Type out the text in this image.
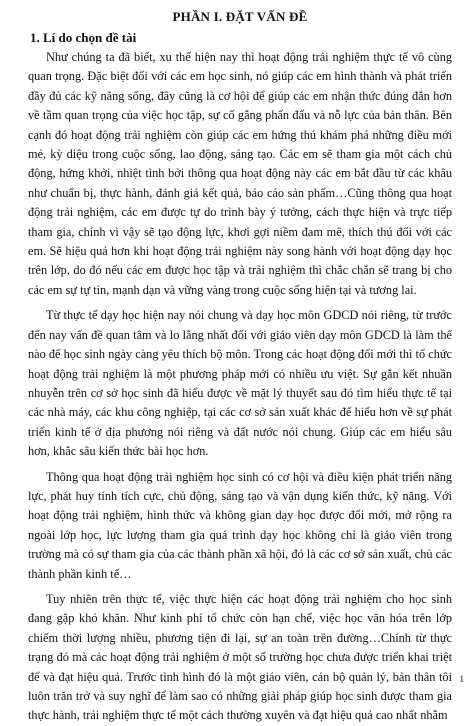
PHẦN I. ĐẶT VẤN ĐỀ
1. Lí do chọn đề tài

Như chúng ta đã biết, xu thế hiện nay thì hoạt động trải nghiệm thực tế vô cùng quan trọng. Đặc biệt đối với các em học sinh, nó giúp các em hình thành và phát triển đầy đủ các kỹ năng sống, đây cũng là cơ hội để giúp các em nhận thức đúng đắn hơn về tầm quan trọng của việc học tập, sự cố gắng phấn đấu và nỗ lực của bản thân. Bên cạnh đó hoạt động trải nghiệm còn giúp các em hứng thú khám phá những điều mới mẻ, kỳ diệu trong cuộc sống, lao động, sáng tạo. Các em sẽ tham gia một cách chủ động, hứng khởi, nhiệt tình bởi thông qua hoạt động này các em bắt đầu từ các khâu như chuẩn bị, thực hành, đánh giá kết quả, báo cáo sản phẩm…Cũng thông qua hoạt động trải nghiệm, các em được tự do trình bày ý tưởng, cách thực hiện và trực tiếp tham gia, chính vì vậy sẽ tạo động lực, khơi gợi niềm đam mê, thích thú đối với các em. Sẽ hiệu quả hơn khi hoạt động trải nghiệm này song hành với hoạt động dạy học trên lớp, do đó nếu các em được học tập và trải nghiệm thì chắc chắn sẽ trang bị cho các em sự tự tin, mạnh dạn và vững vàng trong cuộc sống hiện tại và tương lai.

Từ thực tế dạy học hiện nay nói chung và dạy học môn GDCD nói riêng, từ trước đến nay vấn đề quan tâm và lo lắng nhất đối với giáo viên dạy môn GDCD là làm thế nào để học sinh ngày càng yêu thích bộ môn. Trong các hoạt động đổi mới thì tổ chức hoạt động trải nghiệm là một phương pháp mới có nhiều ưu việt. Sự gắn kết nhuần nhuyễn trên cơ sở học sinh đã hiểu được về mặt lý thuyết sau đó tìm hiểu thực tế tại các nhà máy, các khu công nghiệp, tại các cơ sở sản xuất khác để hiểu hơn về sự phát triển kinh tế ở địa phương nói riêng và đất nước nói chung. Giúp các em hiểu sâu hơn, khắc sâu kiến thức bài học hơn.

Thông qua hoạt động trải nghiệm học sinh có cơ hội và điều kiện phát triển năng lực, phát huy tính tích cực, chủ động, sáng tạo và vận dụng kiến thức, kỹ năng. Với hoạt động trải nghiệm, hình thức và không gian dạy học được đổi mới, mở rộng ra ngoài lớp học, lực lượng tham gia quá trình dạy học không chỉ là giáo viên trong trường mà có sự tham gia của các thành phần xã hội, đó là các cơ sở sản xuất, chủ các thành phần kinh tế…

Tuy nhiên trên thực tế, việc thực hiện các hoạt động trải nghiệm cho học sinh đang gặp khó khăn. Như kinh phí tổ chức còn hạn chế, việc học văn hóa trên lớp chiếm thời lượng nhiều, phương tiện đi lại, sự an toàn trên đường…Chính từ thực trạng đó mà các hoạt động trải nghiệm ở một số trường học chưa được triển khai triệt để và đạt hiệu quả. Trước tình hình đó là một giáo viên, cán bộ quản lý, bản thân tôi luôn trăn trở và suy nghĩ để làm sao có những giải pháp giúp học sinh được tham gia thực hành, trải nghiệm thực tế một cách thường xuyên và đạt hiệu quả cao nhất nhằm

1
